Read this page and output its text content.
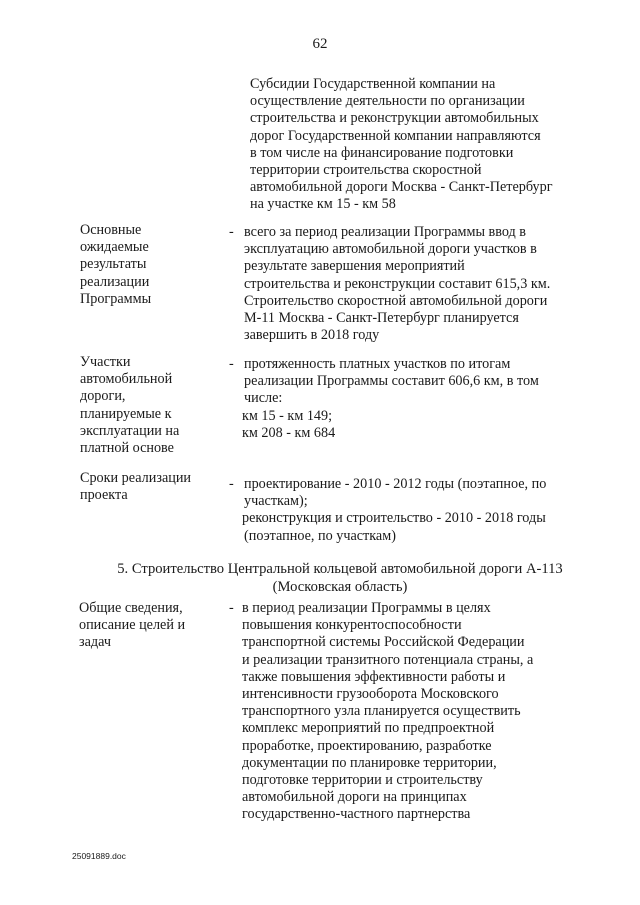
62
Субсидии Государственной компании на
осуществление деятельности по организации
строительства и реконструкции автомобильных
дорог Государственной компании направляются
в том числе на финансирование подготовки
территории строительства скоростной
автомобильной дороги Москва - Санкт-Петербург
на участке км 15 - км 58
Основные
ожидаемые
результаты
реализации
Программы
- всего за период реализации Программы ввод в
эксплуатацию автомобильной дороги участков в
результате завершения мероприятий
строительства и реконструкции составит 615,3 км.
Строительство скоростной автомобильной дороги
М-11 Москва - Санкт-Петербург планируется
завершить в 2018 году
Участки
автомобильной
дороги,
планируемые к
эксплуатации на
платной основе
- протяженность платных участков по итогам
реализации Программы составит 606,6 км, в том
числе:
км 15 - км 149;
км 208 - км 684
Сроки реализации
проекта
- проектирование - 2010 - 2012 годы (поэтапное, по
участкам);
реконструкция и строительство - 2010 - 2018 годы
(поэтапное, по участкам)
5. Строительство Центральной кольцевой автомобильной дороги А-113
(Московская область)
Общие сведения,
описание целей и
задач
- в период реализации Программы в целях
повышения конкурентоспособности
транспортной системы Российской Федерации
и реализации транзитного потенциала страны, а
также повышения эффективности работы и
интенсивности грузооборота Московского
транспортного узла планируется осуществить
комплекс мероприятий по предпроектной
проработке, проектированию, разработке
документации по планировке территории,
подготовке территории и строительству
автомобильной дороги на принципах
государственно-частного партнерства
25091889.doc
